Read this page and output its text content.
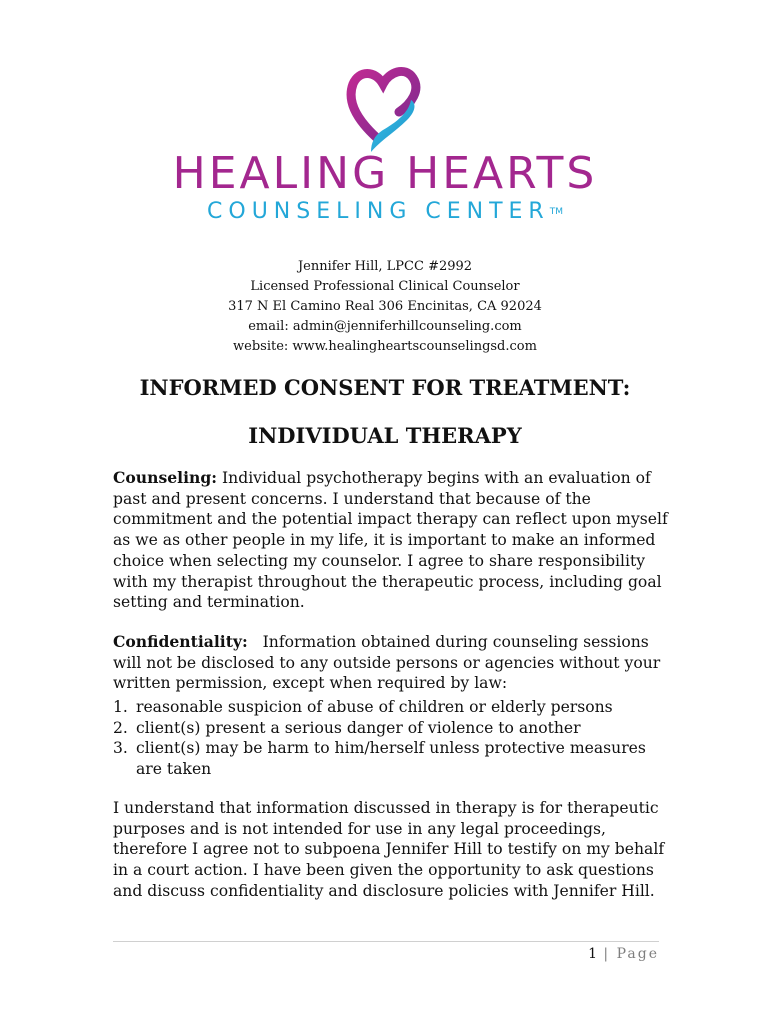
HEALING HEARTS
COUNSELING CENTER™
Jennifer Hill, LPCC #2992
Licensed Professional Clinical Counselor
317 N El Camino Real 306 Encinitas, CA 92024
email: admin@jenniferhillcounseling.com
website: www.healingheartscounselingsd.com
INFORMED CONSENT FOR TREATMENT:
INDIVIDUAL THERAPY
Counseling: Individual psychotherapy begins with an evaluation of past and present concerns. I understand that because of the commitment and the potential impact therapy can reflect upon myself as we as other people in my life, it is important to make an informed choice when selecting my counselor. I agree to share responsibility with my therapist throughout the therapeutic process, including goal setting and termination.
Confidentiality:   Information obtained during counseling sessions will not be disclosed to any outside persons or agencies without your written permission, except when required by law:
1. reasonable suspicion of abuse of children or elderly persons
2. client(s) present a serious danger of violence to another
3. client(s) may be harm to him/herself unless protective measures are taken
I understand that information discussed in therapy is for therapeutic purposes and is not intended for use in any legal proceedings, therefore I agree not to subpoena Jennifer Hill to testify on my behalf in a court action. I have been given the opportunity to ask questions and discuss confidentiality and disclosure policies with Jennifer Hill.
1 | Page
